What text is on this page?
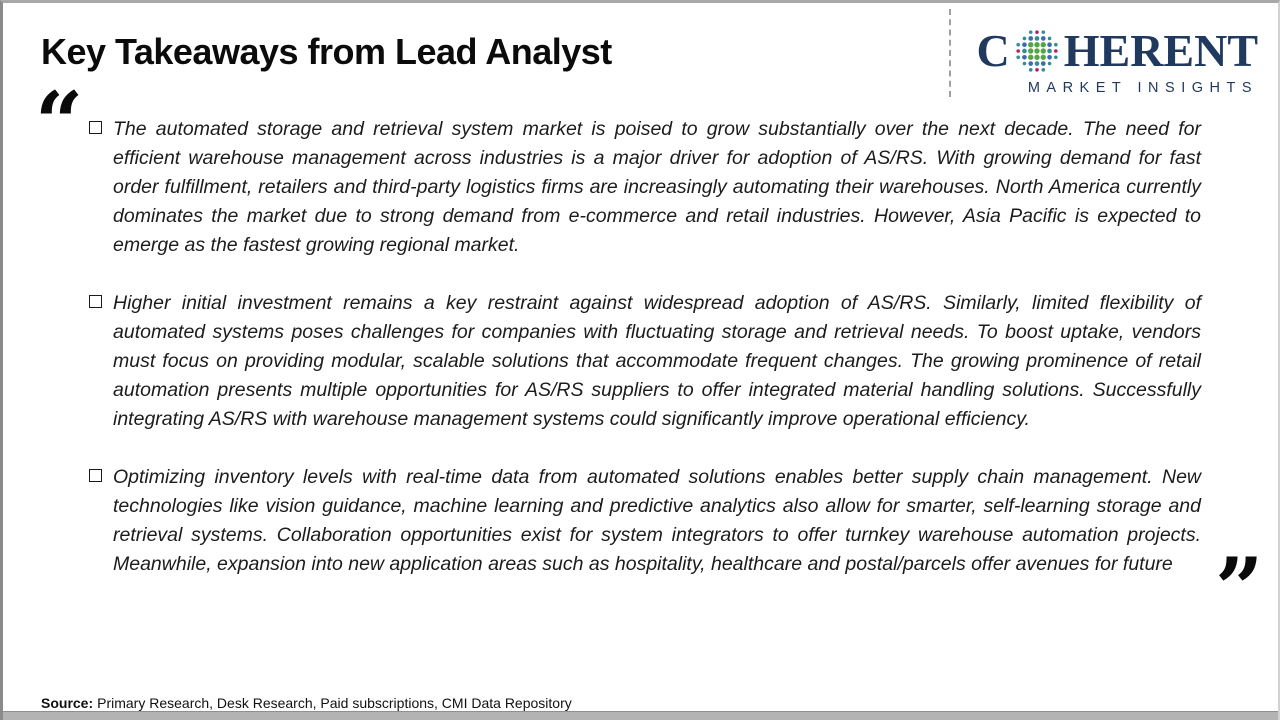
Key Takeaways from Lead Analyst	C HERENT
MARKET INSIGHTS
“ The automated storage and retrieval system market is poised to grow substantially over the next decade. The need for efficient warehouse management across industries is a major driver for adoption of AS/RS. With growing demand for fast order fulfillment, retailers and third-party logistics firms are increasingly automating their warehouses. North America currently dominates the market due to strong demand from e-commerce and retail industries. However, Asia Pacific is expected to emerge as the fastest growing regional market.
Higher initial investment remains a key restraint against widespread adoption of AS/RS. Similarly, limited flexibility of automated systems poses challenges for companies with fluctuating storage and retrieval needs. To boost uptake, vendors must focus on providing modular, scalable solutions that accommodate frequent changes. The growing prominence of retail automation presents multiple opportunities for AS/RS suppliers to offer integrated material handling solutions. Successfully integrating AS/RS with warehouse management systems could significantly improve operational efficiency.
Optimizing inventory levels with real-time data from automated solutions enables better supply chain management. New technologies like vision guidance, machine learning and predictive analytics also allow for smarter, self-learning storage and retrieval systems. Collaboration opportunities exist for system integrators to offer turnkey warehouse automation projects. Meanwhile, expansion into new application areas such as hospitality, healthcare and postal/parcels offer avenues for future ”
Source: Primary Research, Desk Research, Paid subscriptions, CMI Data Repository
